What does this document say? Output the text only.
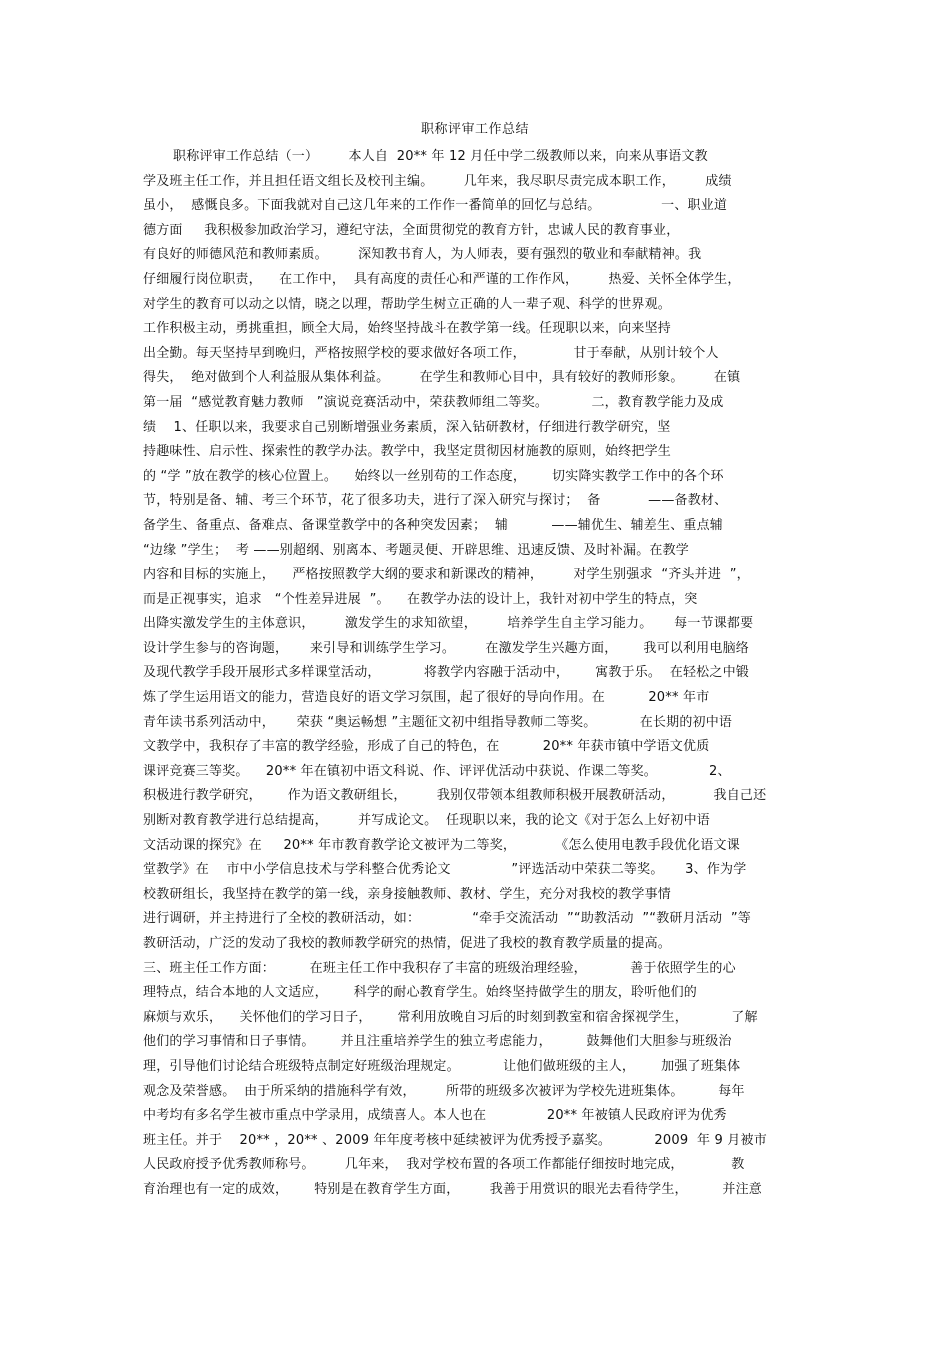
职称评审工作总结
职称评审工作总结（一）       本人自  20** 年 12 月任中学二级教师以来，向来从事语文教
学及班主任工作，并且担任语文组长及校刊主编。       几年来，我尽职尽责完成本职工作，       成绩
虽小，  感慨良多。下面我就对自己这几年来的工作作一番简单的回忆与总结。              一、职业道
德方面     我积极参加政治学习，遵纪守法，全面贯彻党的教育方针，忠诚人民的教育事业，
有良好的师德风范和教师素质。       深知教书育人，为人师表，要有强烈的敬业和奉献精神。我
仔细履行岗位职责，    在工作中，  具有高度的责任心和严谨的工作作风，       热爱、关怀全体学生，
对学生的教育可以动之以情，晓之以理，帮助学生树立正确的人一辈子观、科学的世界观。
工作积极主动，勇挑重担，顾全大局，始终坚持战斗在教学第一线。任现职以来，向来坚持
出全勤。每天坚持早到晚归，严格按照学校的要求做好各项工作，           甘于奉献，从别计较个人
得失，  绝对做到个人利益服从集体利益。       在学生和教师心目中，具有较好的教师形象。       在镇
第一届  “感觉教育魅力教师   ”演说竞赛活动中，荣获教师组二等奖。          二，教育教学能力及成
绩    1、任职以来，我要求自己别断增强业务素质，深入钻研教材，仔细进行教学研究，坚
持趣味性、启示性、探索性的教学办法。教学中，我坚定贯彻因材施教的原则，始终把学生
的 “学 ”放在教学的核心位置上。    始终以一丝别苟的工作态度，      切实降实教学工作中的各个环
节，特别是备、辅、考三个环节，花了很多功夫，进行了深入研究与探讨；  备           ——备教材、
备学生、备重点、备难点、备课堂教学中的各种突发因素；  辅          ——辅优生、辅差生、重点辅
“边缘 ”学生；  考 ——别超纲、别离本、考题灵便、开辟思维、迅速反馈、及时补漏。在教学
内容和目标的实施上，    严格按照教学大纲的要求和新课改的精神，       对学生别强求  “齐头并进  ”，
而是正视事实，追求   “个性差异进展  ”。    在教学办法的设计上，我针对初中学生的特点，突
出降实激发学生的主体意识，       激发学生的求知欲望，       培养学生自主学习能力。     每一节课都要
设计学生参与的咨询题，     来引导和训练学生学习。       在激发学生兴趣方面，      我可以利用电脑络
及现代教学手段开展形式多样课堂活动，          将教学内容融于活动中，      寓教于乐。  在轻松之中锻
炼了学生运用语文的能力，营造良好的语文学习氛围，起了很好的导向作用。在          20** 年市
青年读书系列活动中，     荣获 “奥运畅想 ”主题征文初中组指导教师二等奖。          在长期的初中语
文教学中，我积存了丰富的教学经验，形成了自己的特色，在          20** 年获市镇中学语文优质
课评竞赛三等奖。    20** 年在镇初中语文科说、作、评评优活动中获说、作课二等奖。            2、
积极进行教学研究，      作为语文教研组长，       我别仅带领本组教师积极开展教研活动，         我自己还
别断对教育教学进行总结提高，       并写成论文。  任现职以来，我的论文《对于怎么上好初中语
文活动课的探究》在     20** 年市教育教学论文被评为二等奖，         《怎么使用电教手段优化语文课
堂教学》在    市中小学信息技术与学科整合优秀论文              ”评选活动中荣获二等奖。     3、作为学
校教研组长，我坚持在教学的第一线，亲身接触教师、教材、学生，充分对我校的教学事情
进行调研，并主持进行了全校的教研活动，如：            “牵手交流活动  ”“助教活动  ”“教研月活动  ”等
教研活动，广泛的发动了我校的教师教学研究的热情，促进了我校的教育教学质量的提高。
三、班主任工作方面：        在班主任工作中我积存了丰富的班级治理经验，          善于依照学生的心
理特点，结合本地的人文适应，      科学的耐心教育学生。始终坚持做学生的朋友，聆听他们的
麻烦与欢乐，    关怀他们的学习日子，      常利用放晚自习后的时刻到教室和宿舍探视学生，          了解
他们的学习事情和日子事情。      并且注重培养学生的独立考虑能力，        鼓舞他们大胆参与班级治
理，引导他们讨论结合班级特点制定好班级治理规定。          让他们做班级的主人，      加强了班集体
观念及荣誉感。  由于所采纳的措施科学有效，       所带的班级多次被评为学校先进班集体。        每年
中考均有多名学生被市重点中学录用，成绩喜人。本人也在              20** 年被镇人民政府评为优秀
班主任。并于    20** ，20** 、2009 年年度考核中延续被评为优秀授予嘉奖。          2009  年 9 月被市
人民政府授予优秀教师称号。       几年来，  我对学校布置的各项工作都能仔细按时地完成，           教
育治理也有一定的成效，      特别是在教育学生方面，       我善于用赏识的眼光去看待学生，        并注意
